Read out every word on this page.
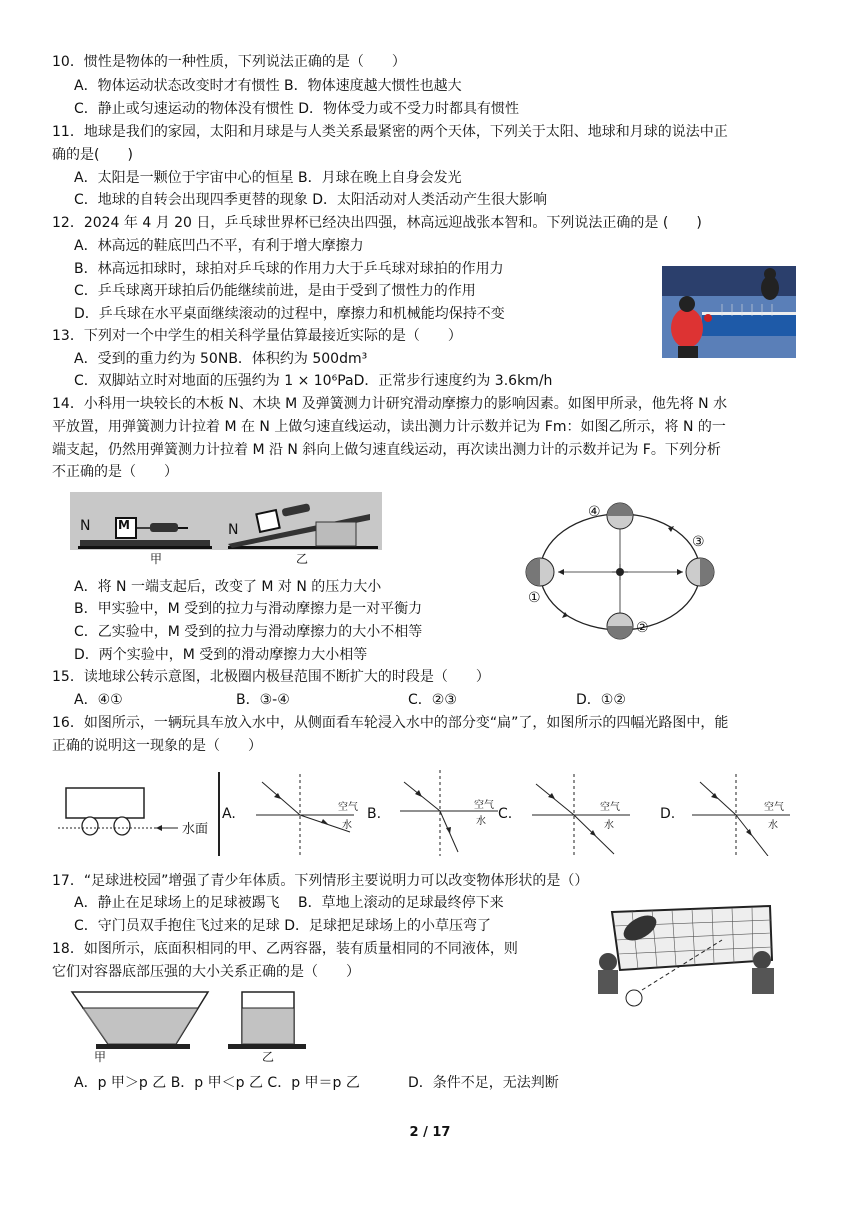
10．惯性是物体的一种性质，下列说法正确的是（　　）
A．物体运动状态改变时才有惯性 B．物体速度越大惯性也越大
C．静止或匀速运动的物体没有惯性 D．物体受力或不受力时都具有惯性
11．地球是我们的家园，太阳和月球是与人类关系最紧密的两个天体，下列关于太阳、地球和月球的说法中正
确的是(　　)
A．太阳是一颗位于宇宙中心的恒星 B．月球在晚上自身会发光
C．地球的自转会出现四季更替的现象 D．太阳活动对人类活动产生很大影响
12．2024 年 4 月 20 日，乒乓球世界杯已经决出四强，林高远迎战张本智和。下列说法正确的是 (　　)
A．林高远的鞋底凹凸不平，有利于增大摩擦力
B．林高远扣球时，球拍对乒乓球的作用力大于乒乓球对球拍的作用力
C．乒乓球离开球拍后仍能继续前进，是由于受到了惯性力的作用
D．乒乓球在水平桌面继续滚动的过程中，摩擦力和机械能均保持不变
13．下列对一个中学生的相关科学量估算最接近实际的是（　　）
A．受到的重力约为 50NB．体积约为 500dm³
C．双脚站立时对地面的压强约为 1 × 10⁶PaD．正常步行速度约为 3.6km/h
14．小科用一块较长的木板 N、木块 M 及弹簧测力计研究滑动摩擦力的影响因素。如图甲所录，他先将 N 水
平放置，用弹簧测力计拉着 M 在 N 上做匀速直线运动，读出测力计示数并记为 Fm：如图乙所示，将 N 的一
端支起，仍然用弹簧测力计拉着 M 沿 N 斜向上做匀速直线运动，再次读出测力计的示数并记为 F。下列分析
不正确的是（　　）
N M	N
甲	乙
A．将 N 一端支起后，改变了 M 对 N 的压力大小
B．甲实验中，M 受到的拉力与滑动摩擦力是一对平衡力
C．乙实验中，M 受到的拉力与滑动摩擦力的大小不相等
D．两个实验中，M 受到的滑动摩擦力大小相等
①
②
③
④
15．读地球公转示意图，北极圈内极昼范围不断扩大的时段是（　　）
A．④①	B．③-④	C．②③	D．①②
16．如图所示，一辆玩具车放入水中，从侧面看车轮浸入水中的部分变“扁”了，如图所示的四幅光路图中，能
正确的说明这一现象的是（　　）
水面
A.	空气
水
B.
空气
水 C.	空气
水
D.	空气
水
17．“足球进校园”增强了青少年体质。下列情形主要说明力可以改变物体形状的是（）
A．静止在足球场上的足球被踢飞　 B．草地上滚动的足球最终停下来
C．守门员双手抱住飞过来的足球 D．足球把足球场上的小草压弯了
18．如图所示，底面积相同的甲、乙两容器，装有质量相同的不同液体，则
它们对容器底部压强的大小关系正确的是（　　）
甲	乙
A．p 甲＞p 乙 B．p 甲＜p 乙 C．p 甲＝p 乙	D．条件不足，无法判断
2 / 17
